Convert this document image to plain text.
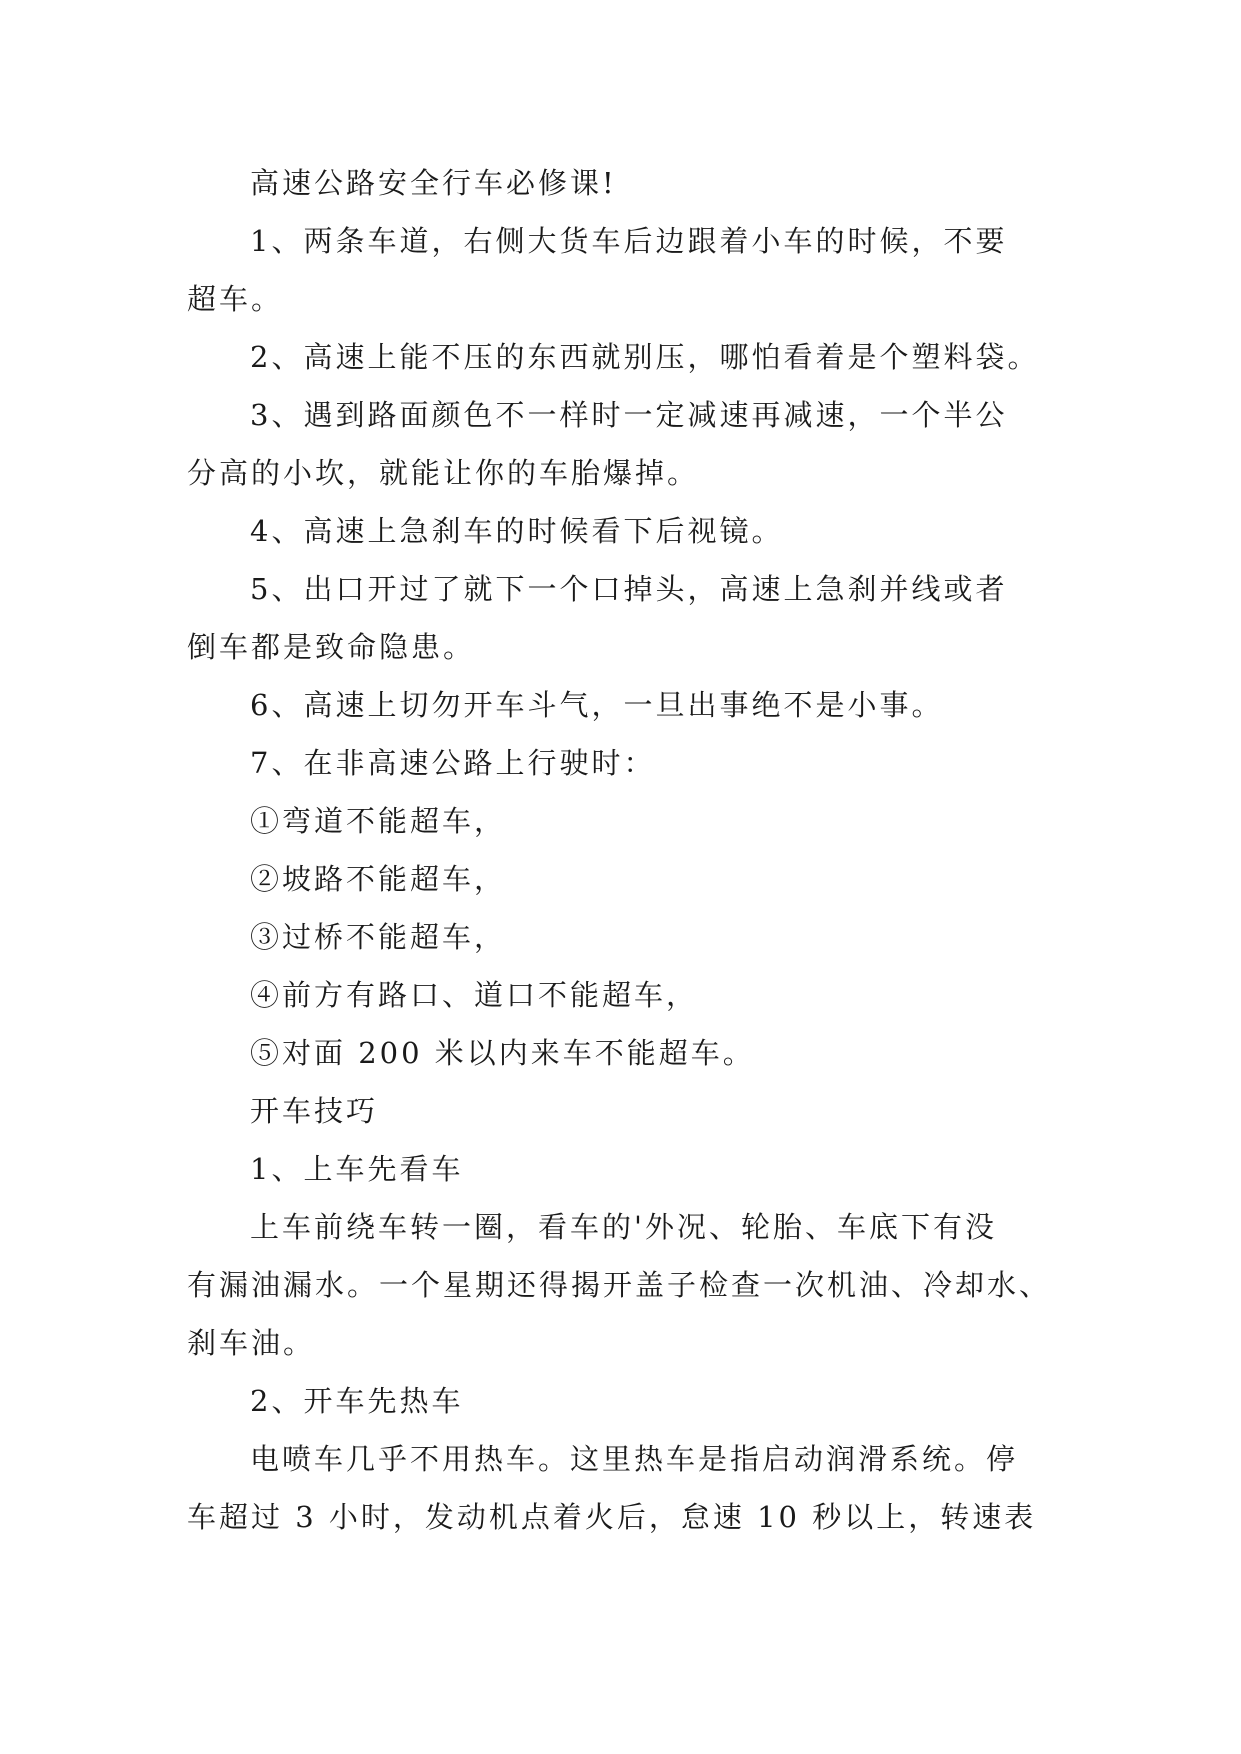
高速公路安全行车必修课!
1、两条车道，右侧大货车后边跟着小车的时候，不要
超车。
2、高速上能不压的东西就别压，哪怕看着是个塑料袋。
3、遇到路面颜色不一样时一定减速再减速，一个半公
分高的小坎，就能让你的车胎爆掉。
4、高速上急刹车的时候看下后视镜。
5、出口开过了就下一个口掉头，高速上急刹并线或者
倒车都是致命隐患。
6、高速上切勿开车斗气，一旦出事绝不是小事。
7、在非高速公路上行驶时：
①弯道不能超车，
②坡路不能超车，
③过桥不能超车，
④前方有路口、道口不能超车，
⑤对面 200 米以内来车不能超车。
开车技巧
1、上车先看车
上车前绕车转一圈，看车的'外况、轮胎、车底下有没
有漏油漏水。一个星期还得揭开盖子检查一次机油、冷却水、
刹车油。
2、开车先热车
电喷车几乎不用热车。这里热车是指启动润滑系统。停
车超过 3 小时，发动机点着火后，怠速 10 秒以上，转速表
